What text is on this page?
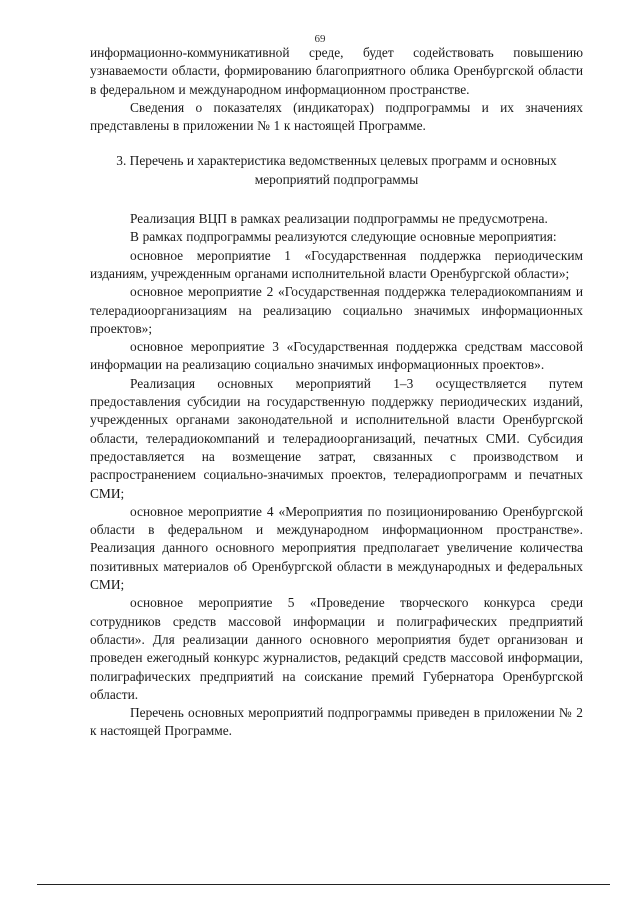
69

информационно-коммуникативной среде, будет содействовать повышению узнаваемости области, формированию благоприятного облика Оренбургской области в федеральном и международном информационном пространстве.

Сведения о показателях (индикаторах) подпрограммы и их значениях представлены в приложении № 1 к настоящей Программе.

3. Перечень и характеристика ведомственных целевых программ и основных мероприятий подпрограммы

Реализация ВЦП в рамках реализации подпрограммы не предусмотрена.

В рамках подпрограммы реализуются следующие основные мероприятия:

основное мероприятие 1 «Государственная поддержка периодическим изданиям, учрежденным органами исполнительной власти Оренбургской области»;

основное мероприятие 2 «Государственная поддержка телерадиокомпаниям и телерадиоорганизациям на реализацию социально значимых информационных проектов»;

основное мероприятие 3 «Государственная поддержка средствам массовой информации на реализацию социально значимых информационных проектов».

Реализация основных мероприятий 1–3 осуществляется путем предоставления субсидии на государственную поддержку периодических изданий, учрежденных органами законодательной и исполнительной власти Оренбургской области, телерадиокомпаний и телерадиоорганизаций, печатных СМИ. Субсидия предоставляется на возмещение затрат, связанных с производством и распространением социально-значимых проектов, телерадиопрограмм и печатных СМИ;

основное мероприятие 4 «Мероприятия по позиционированию Оренбургской области в федеральном и международном информационном пространстве». Реализация данного основного мероприятия предполагает увеличение количества позитивных материалов об Оренбургской области в международных и федеральных СМИ;

основное мероприятие 5 «Проведение творческого конкурса среди сотрудников средств массовой информации и полиграфических предприятий области». Для реализации данного основного мероприятия будет организован и проведен ежегодный конкурс журналистов, редакций средств массовой информации, полиграфических предприятий на соискание премий Губернатора Оренбургской области.

Перечень основных мероприятий подпрограммы приведен в приложении № 2 к настоящей Программе.
